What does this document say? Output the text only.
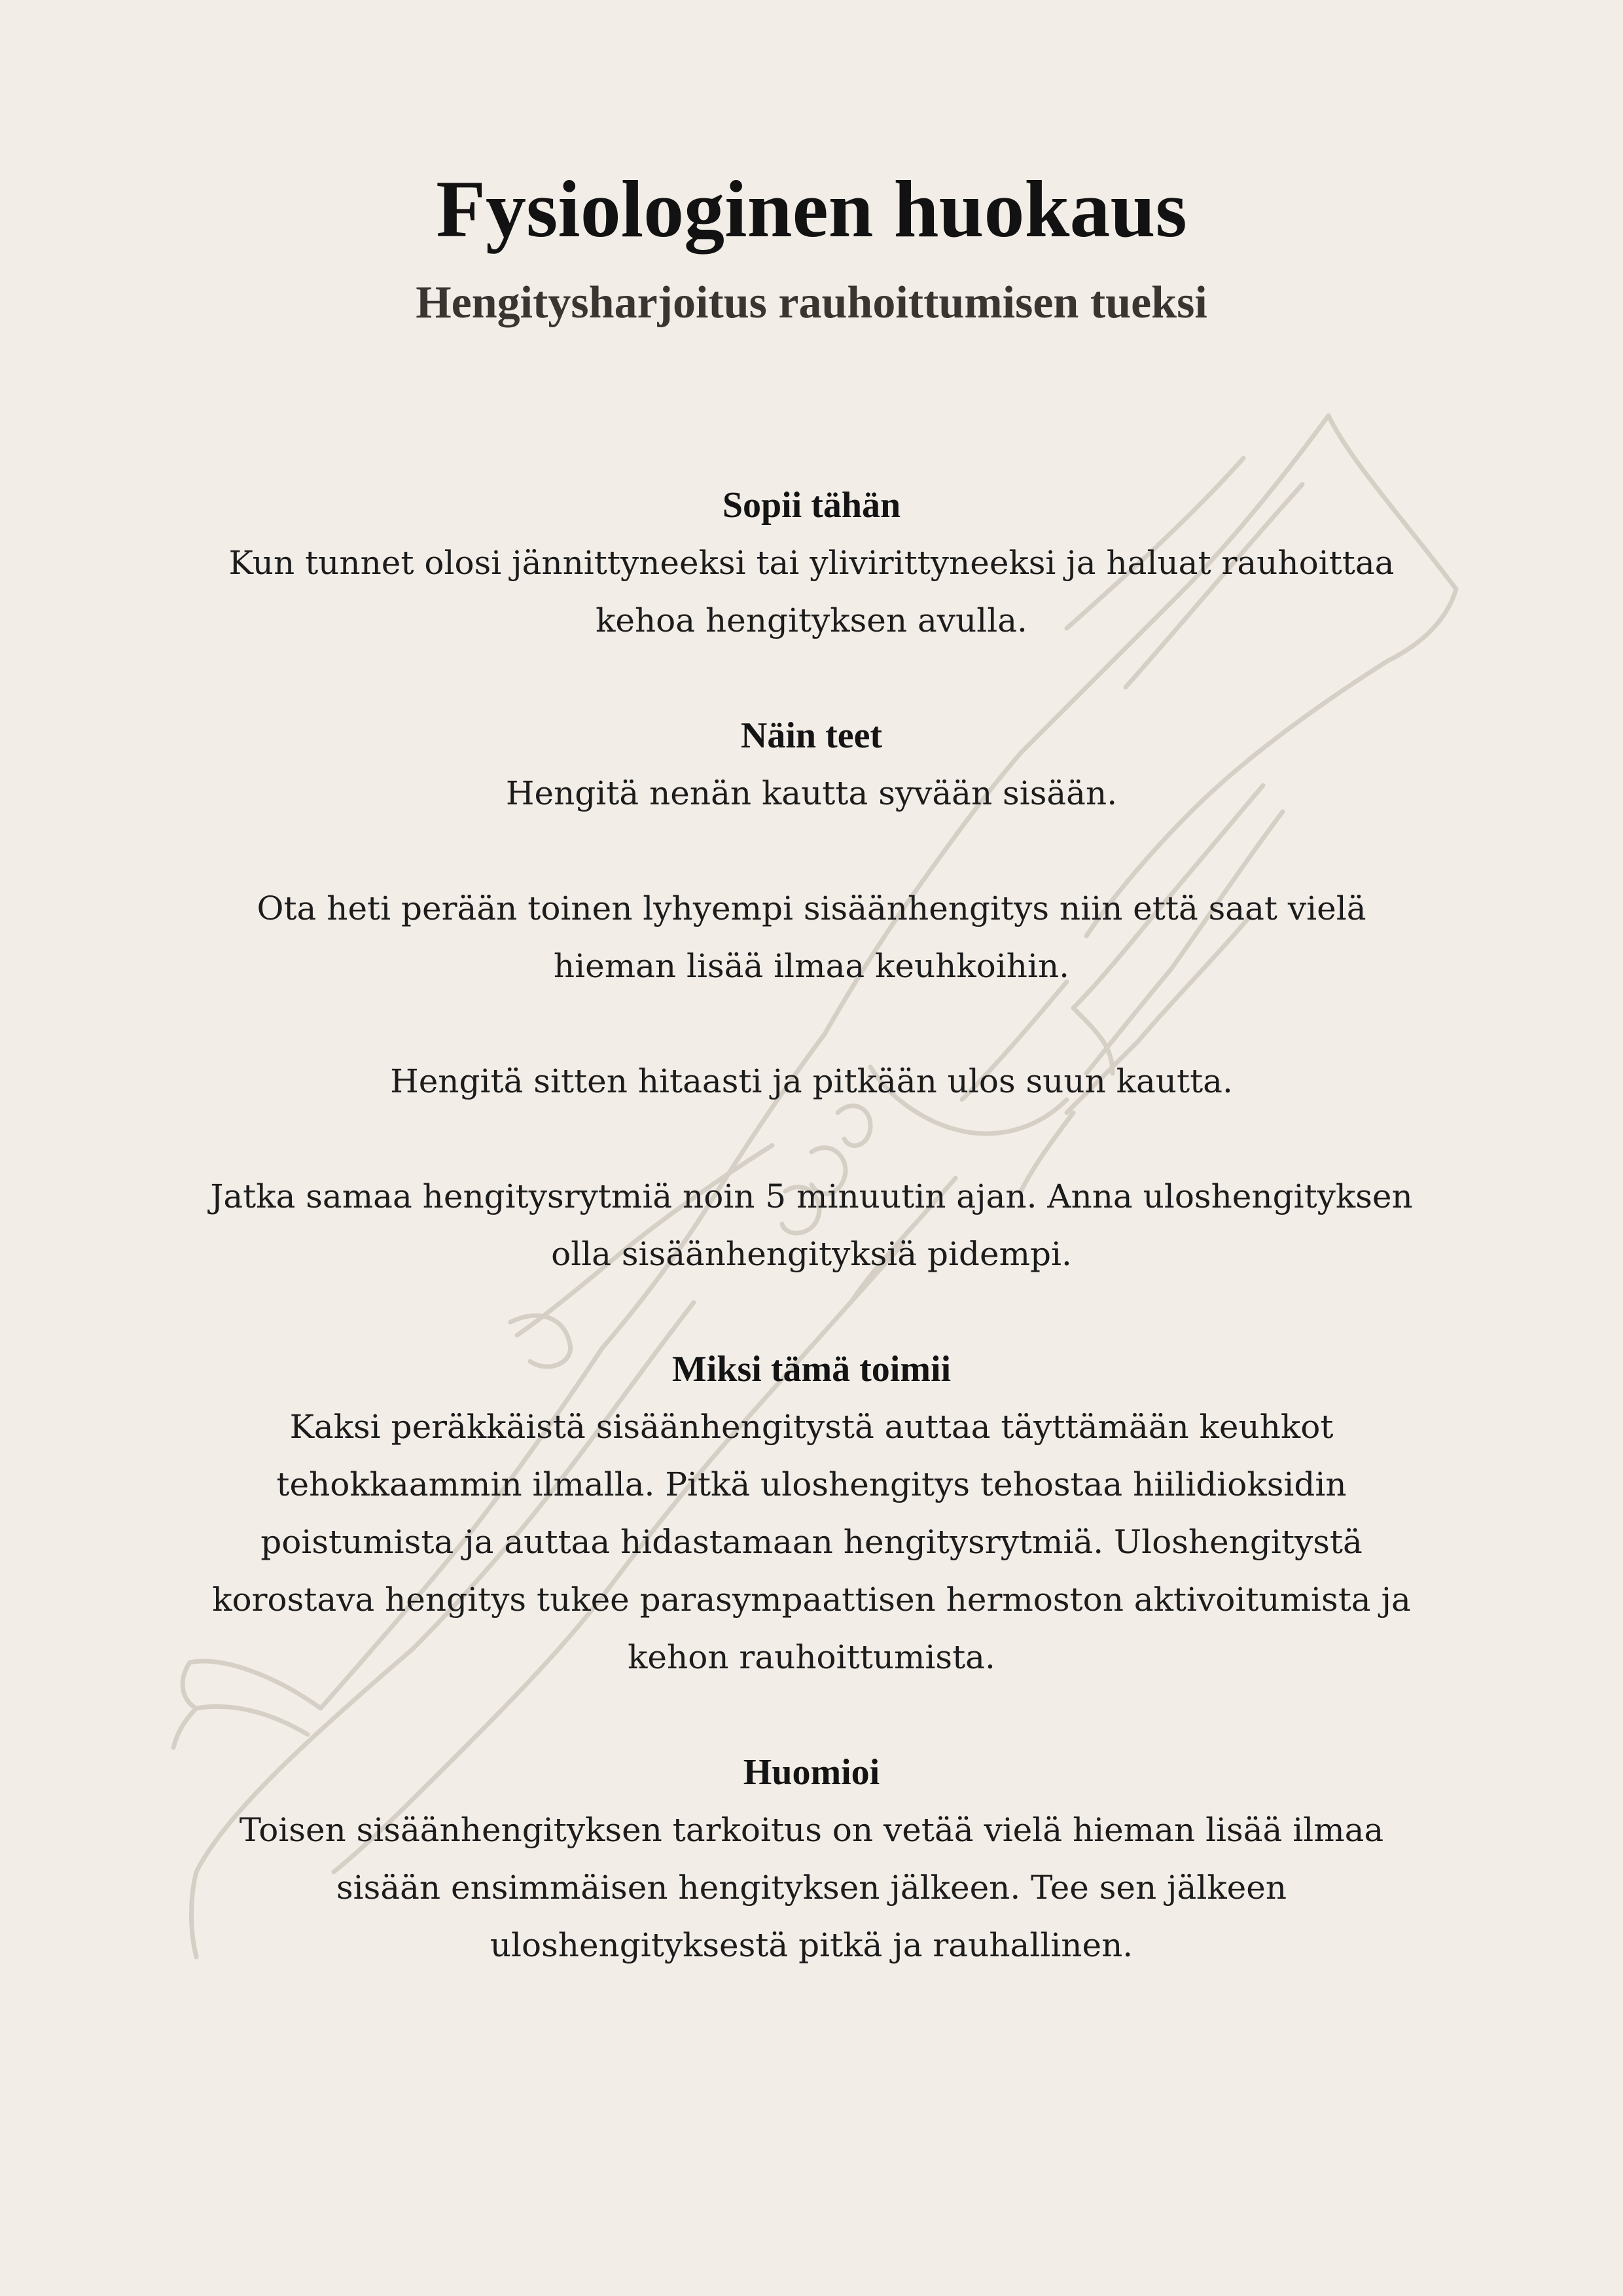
Fysiologinen huokaus
Hengitysharjoitus rauhoittumisen tueksi

Sopii tähän

Kun tunnet olosi jännittyneeksi tai ylivirittyneeksi ja haluat rauhoittaa kehoa hengityksen avulla.

Näin teet

Hengitä nenän kautta syvään sisään.

Ota heti perään toinen lyhyempi sisäänhengitys niin että saat vielä hieman lisää ilmaa keuhkoihin.

Hengitä sitten hitaasti ja pitkään ulos suun kautta.

Jatka samaa hengitysrytmiä noin 5 minuutin ajan. Anna uloshengityksen olla sisäänhengityksiä pidempi.

Miksi tämä toimii

Kaksi peräkkäistä sisäänhengitystä auttaa täyttämään keuhkot tehokkaammin ilmalla. Pitkä uloshengitys tehostaa hiilidioksidin poistumista ja auttaa hidastamaan hengitysrytmiä. Uloshengitystä korostava hengitys tukee parasympaattisen hermoston aktivoitumista ja kehon rauhoittumista.

Huomioi

Toisen sisäänhengityksen tarkoitus on vetää vielä hieman lisää ilmaa sisään ensimmäisen hengityksen jälkeen. Tee sen jälkeen uloshengityksestä pitkä ja rauhallinen.
